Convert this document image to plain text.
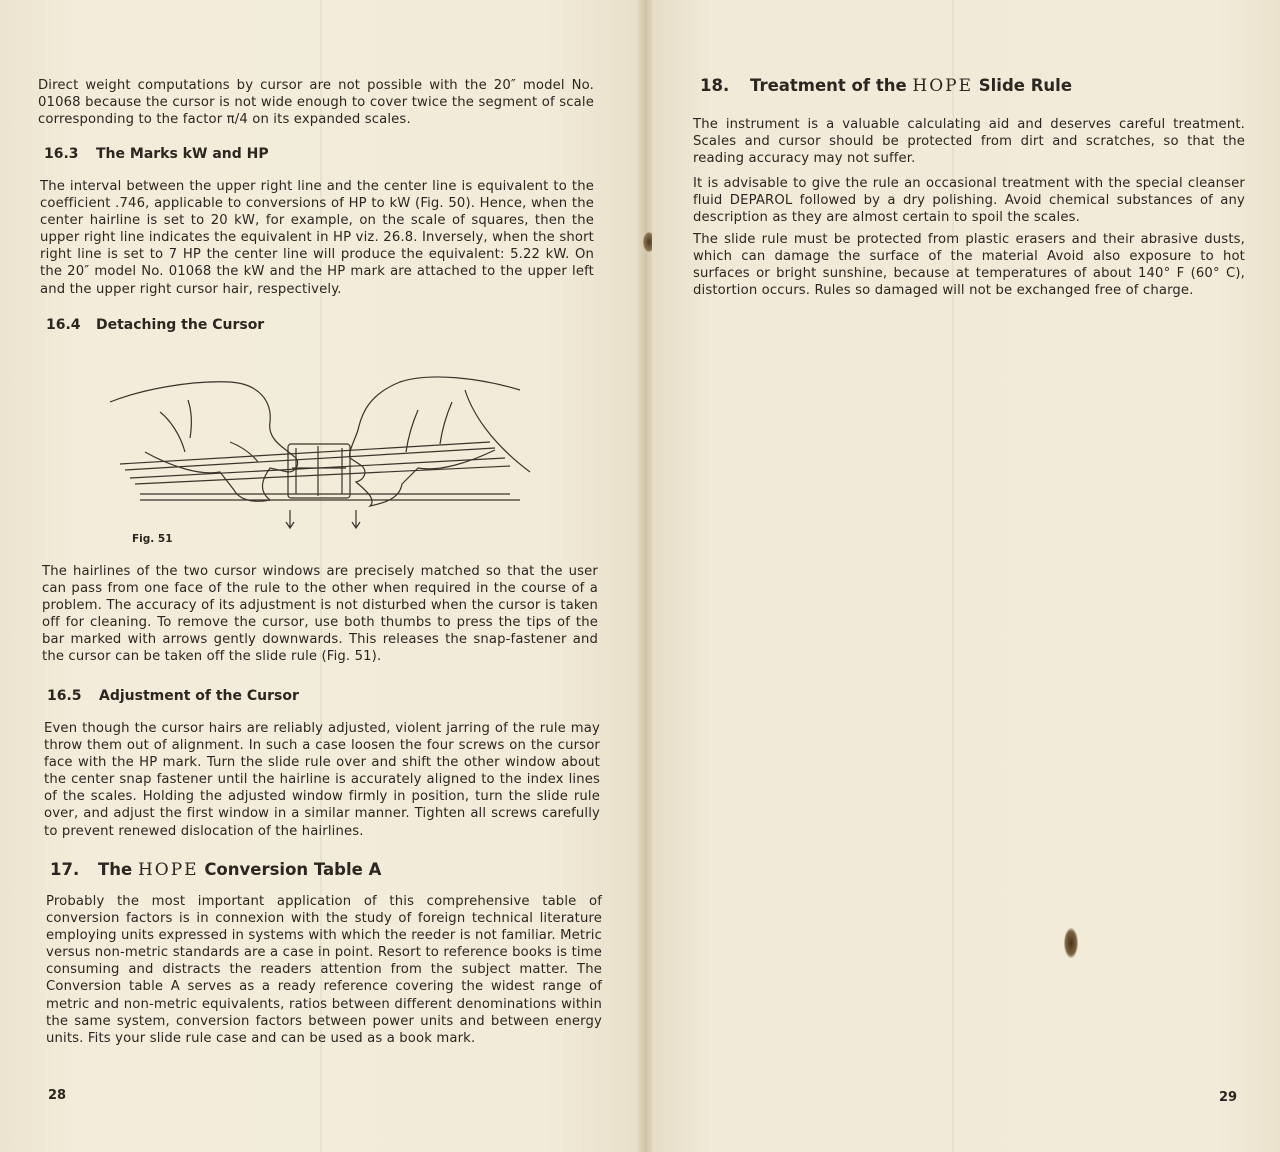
Direct weight computations by cursor are not possible with the 20″ model No. 01068 because the cursor is not wide enough to cover twice the segment of scale corresponding to the factor π/4 on its expanded scales.

16.3 The Marks kW and HP

The interval between the upper right line and the center line is equivalent to the coefficient .746, applicable to conversions of HP to kW (Fig. 50). Hence, when the center hairline is set to 20 kW, for example, on the scale of squares, then the upper right line indicates the equivalent in HP viz. 26.8. Inversely, when the short right line is set to 7 HP the center line will produce the equivalent: 5.22 kW. On the 20″ model No. 01068 the kW and the HP mark are attached to the upper left and the upper right cursor hair, respectively.

16.4 Detaching the Cursor
Fig. 51

The hairlines of the two cursor windows are precisely matched so that the user can pass from one face of the rule to the other when required in the course of a problem. The accuracy of its adjustment is not disturbed when the cursor is taken off for cleaning. To remove the cursor, use both thumbs to press the tips of the bar marked with arrows gently downwards. This releases the snap-fastener and the cursor can be taken off the slide rule (Fig. 51).

16.5 Adjustment of the Cursor

Even though the cursor hairs are reliably adjusted, violent jarring of the rule may throw them out of alignment. In such a case loosen the four screws on the cursor face with the HP mark. Turn the slide rule over and shift the other window about the center snap fastener until the hairline is accurately aligned to the index lines of the scales. Holding the adjusted window firmly in position, turn the slide rule over, and adjust the first window in a similar manner. Tighten all screws carefully to prevent renewed dislocation of the hairlines.

17. The HOPE Conversion Table A

Probably the most important application of this comprehensive table of conversion factors is in connexion with the study of foreign technical literature employing units expressed in systems with which the reeder is not familiar. Metric versus non-metric standards are a case in point. Resort to reference books is time consuming and distracts the readers attention from the subject matter. The Conversion table A serves as a ready reference covering the widest range of metric and non-metric equivalents, ratios between different denominations within the same system, conversion factors between power units and between energy units. Fits your slide rule case and can be used as a book mark.

28
18. Treatment of the HOPE Slide Rule

The instrument is a valuable calculating aid and deserves careful treatment. Scales and cursor should be protected from dirt and scratches, so that the reading accuracy may not suffer.

It is advisable to give the rule an occasional treatment with the special cleanser fluid DEPAROL followed by a dry polishing. Avoid chemical substances of any description as they are almost certain to spoil the scales.

The slide rule must be protected from plastic erasers and their abrasive dusts, which can damage the surface of the material Avoid also exposure to hot surfaces or bright sunshine, because at temperatures of about 140° F (60° C), distortion occurs. Rules so damaged will not be exchanged free of charge.

29
